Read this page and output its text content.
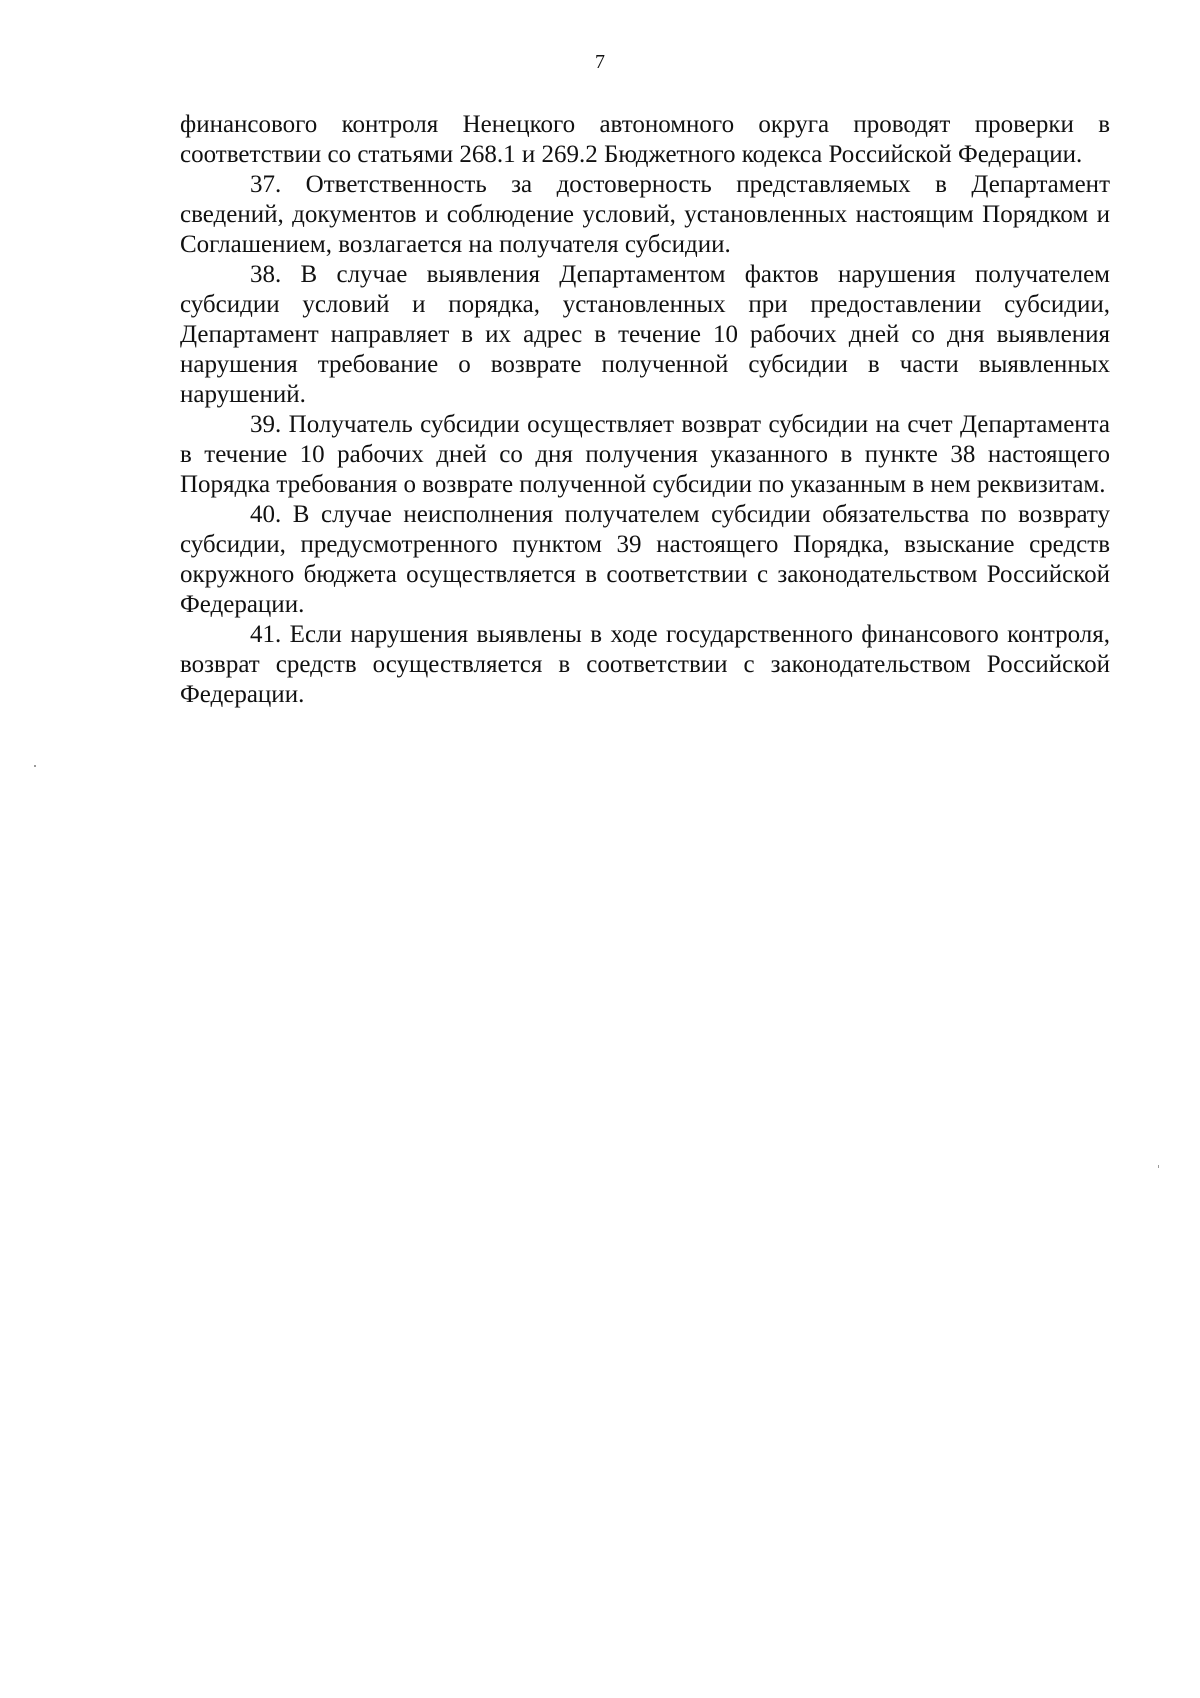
7

финансового контроля Ненецкого автономного округа проводят проверки в соответствии со статьями 268.1 и 269.2 Бюджетного кодекса Российской Федерации.

37. Ответственность за достоверность представляемых в Департамент сведений, документов и соблюдение условий, установленных настоящим Порядком и Соглашением, возлагается на получателя субсидии.

38. В случае выявления Департаментом фактов нарушения получателем субсидии условий и порядка, установленных при предоставлении субсидии, Департамент направляет в их адрес в течение 10 рабочих дней со дня выявления нарушения требование о возврате полученной субсидии в части выявленных нарушений.

39. Получатель субсидии осуществляет возврат субсидии на счет Департамента в течение 10 рабочих дней со дня получения указанного в пункте 38 настоящего Порядка требования о возврате полученной субсидии по указанным в нем реквизитам.

40. В случае неисполнения получателем субсидии обязательства по возврату субсидии, предусмотренного пунктом 39 настоящего Порядка, взыскание средств окружного бюджета осуществляется в соответствии с законодательством Российской Федерации.

41. Если нарушения выявлены в ходе государственного финансового контроля, возврат средств осуществляется в соответствии с законодательством Российской Федерации.
